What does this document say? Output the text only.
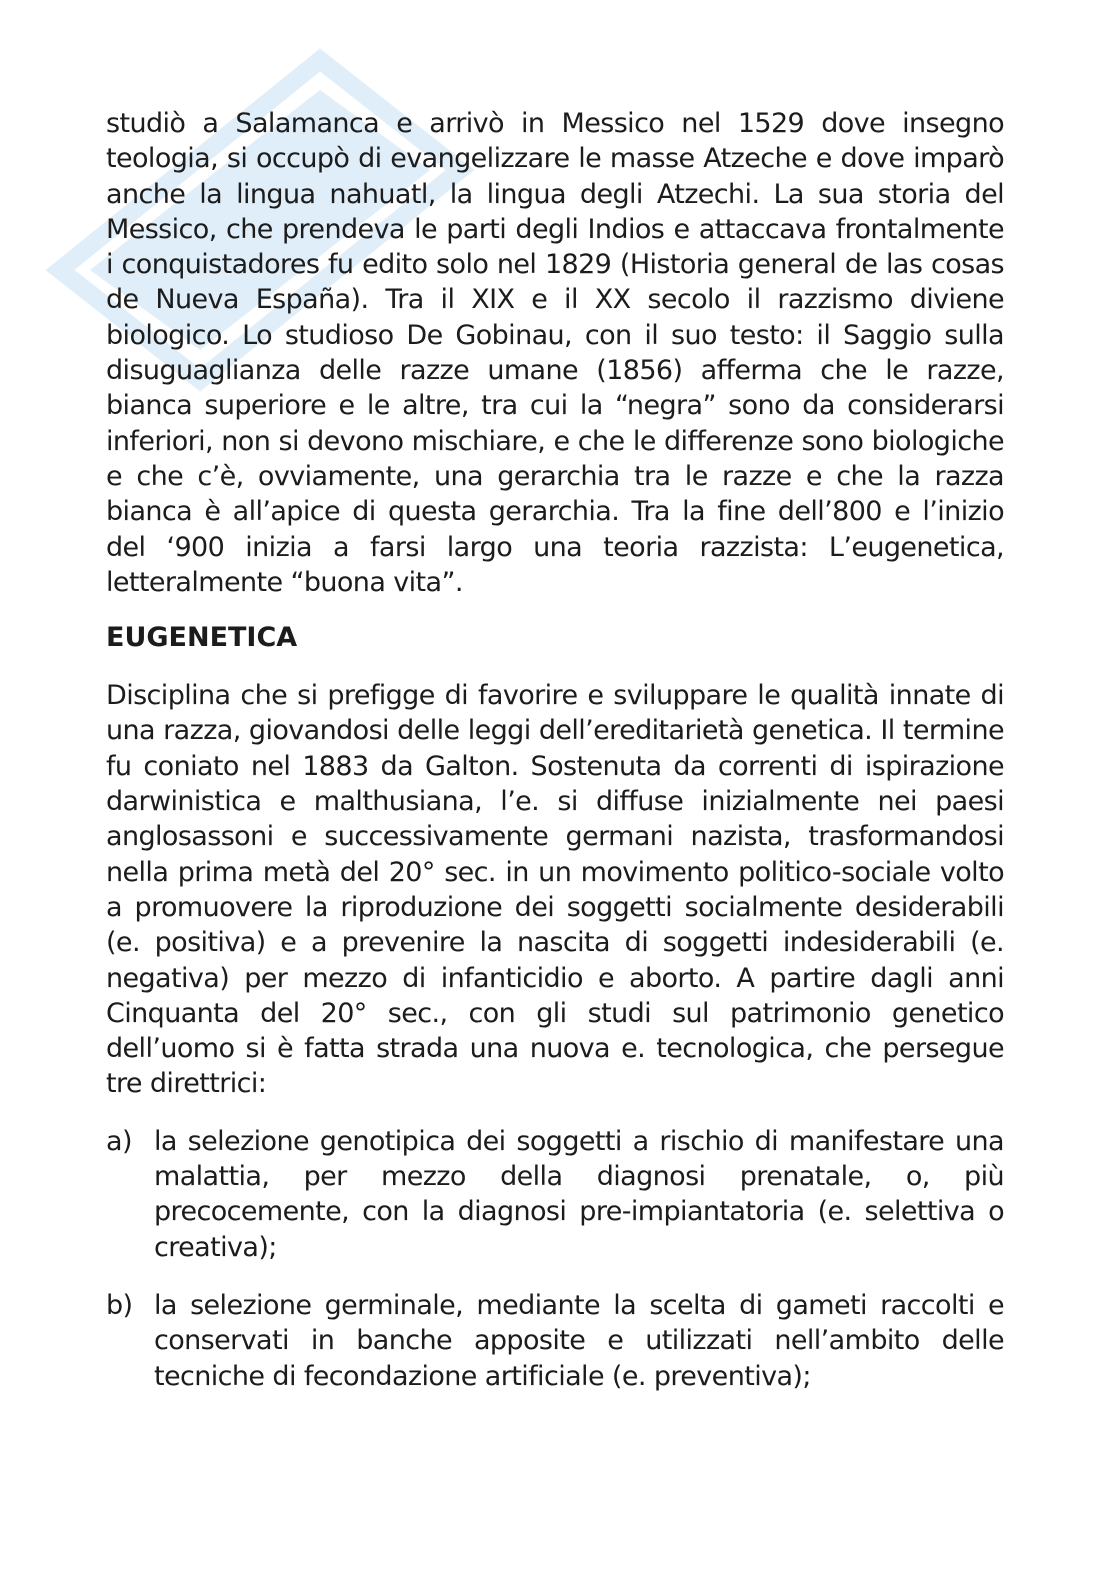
studiò a Salamanca e arrivò in Messico nel 1529 dove insegno teologia, si occupò di evangelizzare le masse Atzeche e dove imparò anche la lingua nahuatl, la lingua degli Atzechi. La sua storia del Messico, che prendeva le parti degli Indios e attaccava frontalmente i conquistadores fu edito solo nel 1829 (Historia general de las cosas de Nueva España). Tra il XIX e il XX secolo il razzismo diviene biologico. Lo studioso De Gobinau, con il suo testo: il Saggio sulla disuguaglianza delle razze umane (1856) afferma che le razze, bianca superiore e le altre, tra cui la “negra” sono da considerarsi inferiori, non si devono mischiare, e che le differenze sono biologiche e che c’è, ovviamente, una gerarchia tra le razze e che la razza bianca è all’apice di questa gerarchia. Tra la fine dell’800 e l’inizio del ‘900 inizia a farsi largo una teoria razzista: L’eugenetica, letteralmente “buona vita”.

EUGENETICA

Disciplina che si prefigge di favorire e sviluppare le qualità innate di una razza, giovandosi delle leggi dell’ereditarietà genetica. Il termine fu coniato nel 1883 da Galton. Sostenuta da correnti di ispirazione darwinistica e malthusiana, l’e. si diffuse inizialmente nei paesi anglosassoni e successivamente germani nazista, trasformandosi nella prima metà del 20° sec. in un movimento politico-sociale volto a promuovere la riproduzione dei soggetti socialmente desiderabili (e. positiva) e a prevenire la nascita di soggetti indesiderabili (e. negativa) per mezzo di infanticidio e aborto. A partire dagli anni Cinquanta del 20° sec., con gli studi sul patrimonio genetico dell’uomo si è fatta strada una nuova e. tecnologica, che persegue tre direttrici:

a) la selezione genotipica dei soggetti a rischio di manifestare una malattia, per mezzo della diagnosi prenatale, o, più precocemente, con la diagnosi pre-impiantatoria (e. selettiva o creativa);
b) la selezione germinale, mediante la scelta di gameti raccolti e conservati in banche apposite e utilizzati nell’ambito delle tecniche di fecondazione artificiale (e. preventiva);
